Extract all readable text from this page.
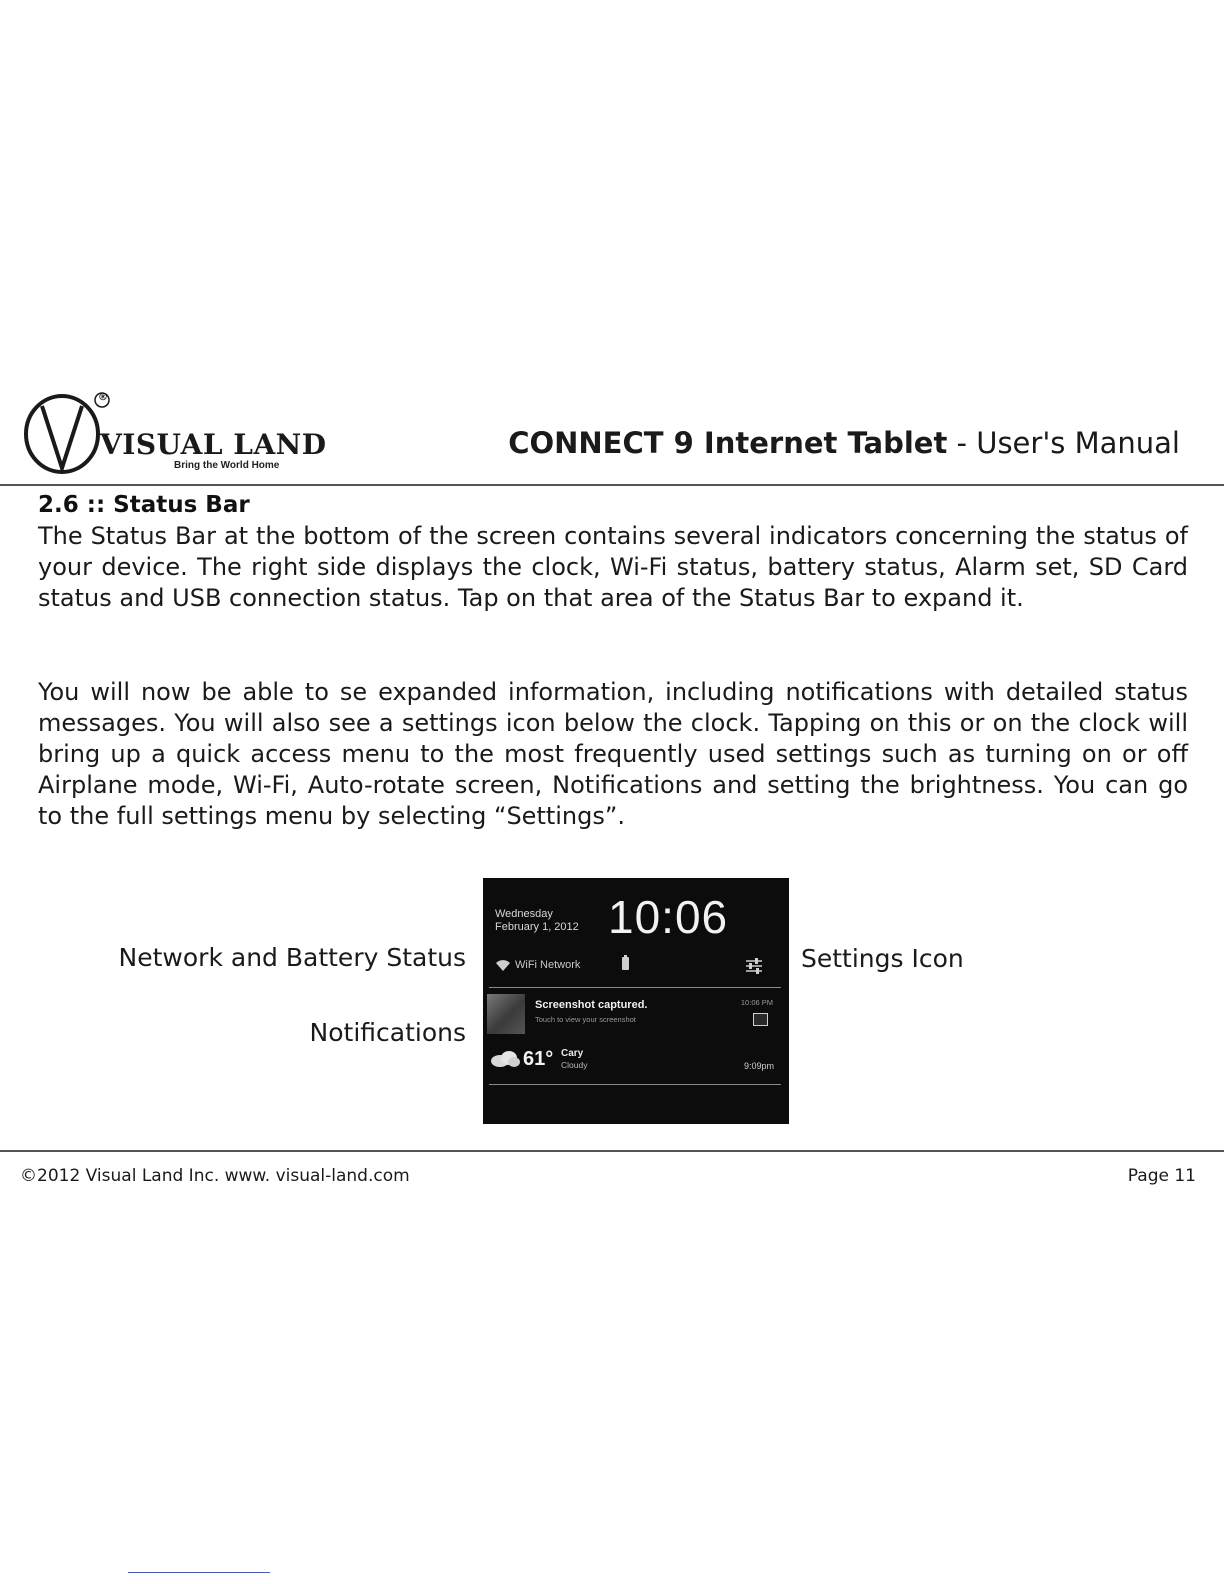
®
VISUAL LAND
Bring the World Home
CONNECT 9 Internet Tablet - User's Manual
2.6 :: Status Bar

The Status Bar at the bottom of the screen contains several indicators concerning the status of your device. The right side displays the clock, Wi-Fi status, battery status, Alarm set, SD Card status and USB connection status. Tap on that area of the Status Bar to expand it.

You will now be able to se expanded information, including notifications with detailed status messages. You will also see a settings icon below the clock. Tapping on this or on the clock will bring up a quick access menu to the most frequently used settings such as turning on or off Airplane mode, Wi-Fi, Auto-rotate screen, Notifications and setting the brightness. You can go to the full settings menu by selecting “Settings”.

Network and Battery Status
Notifications
Settings Icon
Wednesday
February 1, 2012 10:06
WiFi Network
Screenshot captured.
Touch to view your screenshot
10:06 PM
61° Cary
Cloudy	9:09pm
©2012 Visual Land Inc. www. visual-land.com	Page 11
